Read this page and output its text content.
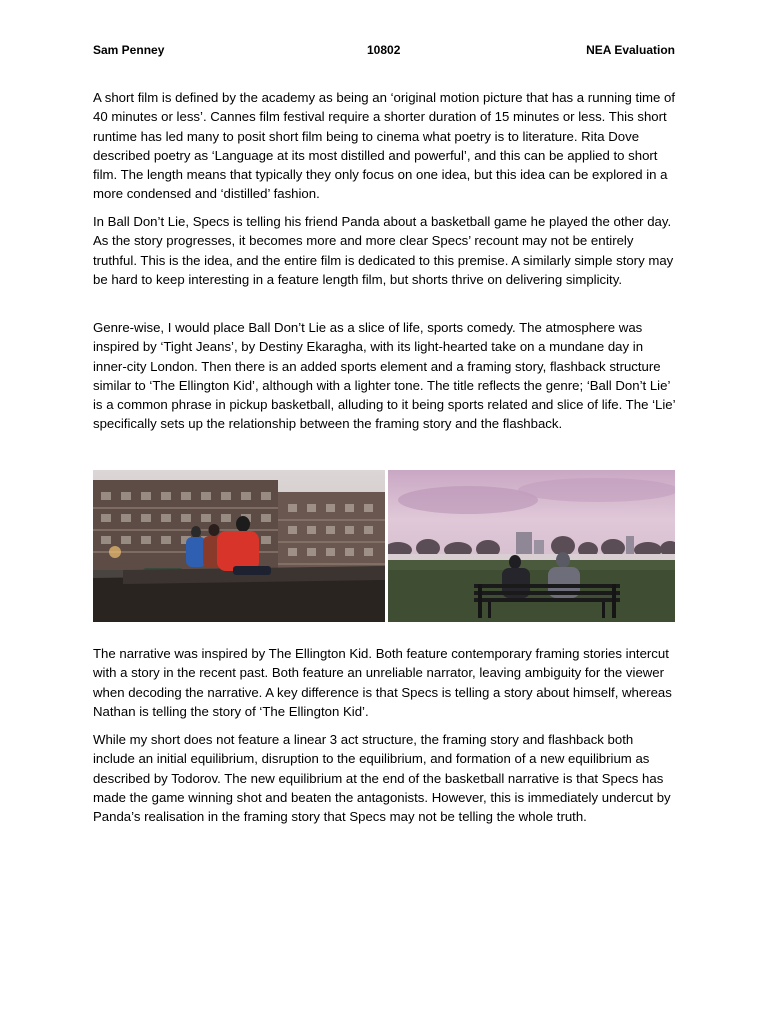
Sam Penney	10802	NEA Evaluation

A short film is defined by the academy as being an ‘original motion picture that has a running time of 40 minutes or less’. Cannes film festival require a shorter duration of 15 minutes or less. This short runtime has led many to posit short film being to cinema what poetry is to literature. Rita Dove described poetry as ‘Language at its most distilled and powerful’, and this can be applied to short film. The length means that typically they only focus on one idea, but this idea can be explored in a more condensed and ‘distilled’ fashion.

In Ball Don’t Lie, Specs is telling his friend Panda about a basketball game he played the other day. As the story progresses, it becomes more and more clear Specs’ recount may not be entirely truthful. This is the idea, and the entire film is dedicated to this premise. A similarly simple story may be hard to keep interesting in a feature length film, but shorts thrive on delivering simplicity.

Genre-wise, I would place Ball Don’t Lie as a slice of life, sports comedy. The atmosphere was inspired by ‘Tight Jeans’, by Destiny Ekaragha, with its light-hearted take on a mundane day in inner-city London. Then there is an added sports element and a framing story, flashback structure similar to ‘The Ellington Kid’, although with a lighter tone. The title reflects the genre; ‘Ball Don’t Lie’ is a common phrase in pickup basketball, alluding to it being sports related and slice of life. The ‘Lie’ specifically sets up the relationship between the framing story and the flashback.

The narrative was inspired by The Ellington Kid. Both feature contemporary framing stories intercut with a story in the recent past. Both feature an unreliable narrator, leaving ambiguity for the viewer when decoding the narrative. A key difference is that Specs is telling a story about himself, whereas Nathan is telling the story of ‘The Ellington Kid’.

While my short does not feature a linear 3 act structure, the framing story and flashback both include an initial equilibrium, disruption to the equilibrium, and formation of a new equilibrium as described by Todorov. The new equilibrium at the end of the basketball narrative is that Specs has made the game winning shot and beaten the antagonists. However, this is immediately undercut by Panda’s realisation in the framing story that Specs may not be telling the whole truth.
